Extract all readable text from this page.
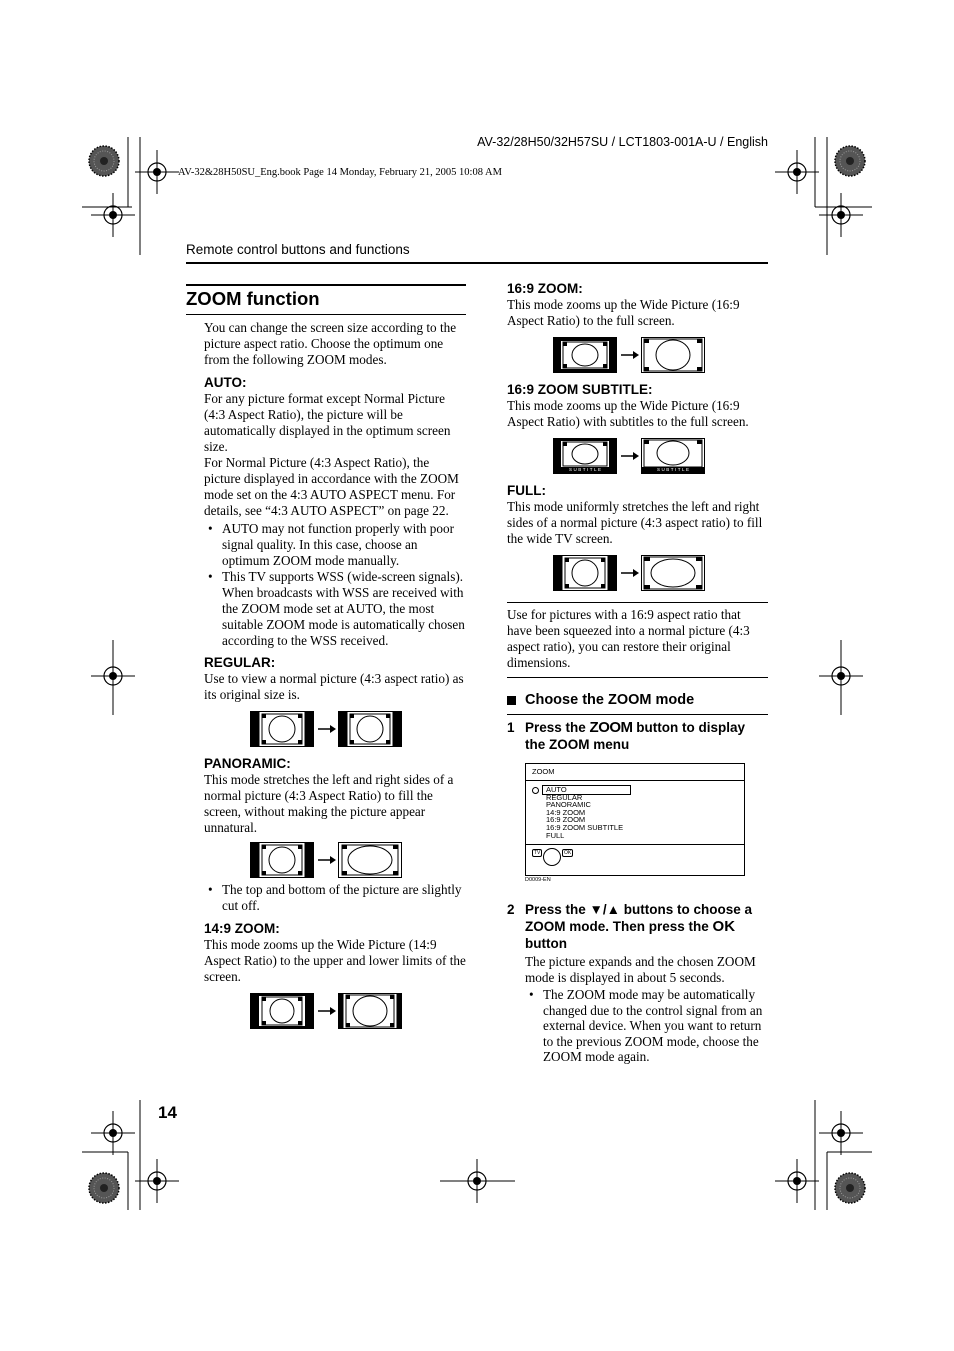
AV-32/28H50/32H57SU / LCT1803-001A-U / English
AV-32&28H50SU_Eng.book Page 14 Monday, February 21, 2005 10:08 AM
Remote control buttons and functions
ZOOM function

You can change the screen size according to the picture aspect ratio. Choose the optimum one from the following ZOOM modes.

AUTO:

For any picture format except Normal Picture (4:3 Aspect Ratio), the picture will be automatically displayed in the optimum screen size.

For Normal Picture (4:3 Aspect Ratio), the picture displayed in accordance with the ZOOM mode set on the 4:3 AUTO ASPECT menu. For details, see “4:3 AUTO ASPECT” on page 22.

• AUTO may not function properly with poor signal quality. In this case, choose an optimum ZOOM mode manually.

• This TV supports WSS (wide-screen signals). When broadcasts with WSS are received with the ZOOM mode set at AUTO, the most suitable ZOOM mode is automatically chosen according to the WSS received.

REGULAR:

Use to view a normal picture (4:3 aspect ratio) as its original size is.

PANORAMIC:

This mode stretches the left and right sides of a normal picture (4:3 Aspect Ratio) to fill the screen, without making the picture appear unnatural.

• The top and bottom of the picture are slightly cut off.

14:9 ZOOM:

This mode zooms up the Wide Picture (14:9 Aspect Ratio) to the upper and lower limits of the screen.

14
16:9 ZOOM:

This mode zooms up the Wide Picture (16:9 Aspect Ratio) to the full screen.

16:9 ZOOM SUBTITLE:

This mode zooms up the Wide Picture (16:9 Aspect Ratio) with subtitles to the full screen.

SUBTITLE	SUBTITLE
FULL:

This mode uniformly stretches the left and right sides of a normal picture (4:3 aspect ratio) to fill the wide TV screen.

Use for pictures with a 16:9 aspect ratio that have been squeezed into a normal picture (4:3 aspect ratio), you can restore their original dimensions.

Choose the ZOOM mode
1 Press the ZOOM button to display the ZOOM menu
ZOOM
AUTO
REGULAR
PANORAMIC
14:9 ZOOM
16:9 ZOOM
16:9 ZOOM SUBTITLE
FULL
TV	OK
D0009-EN
2 Press the ▼/▲ buttons to choose a ZOOM mode. Then press the OK button

The picture expands and the chosen ZOOM mode is displayed in about 5 seconds.

• The ZOOM mode may be automatically changed due to the control signal from an external device. When you want to return to the previous ZOOM mode, choose the ZOOM mode again.
